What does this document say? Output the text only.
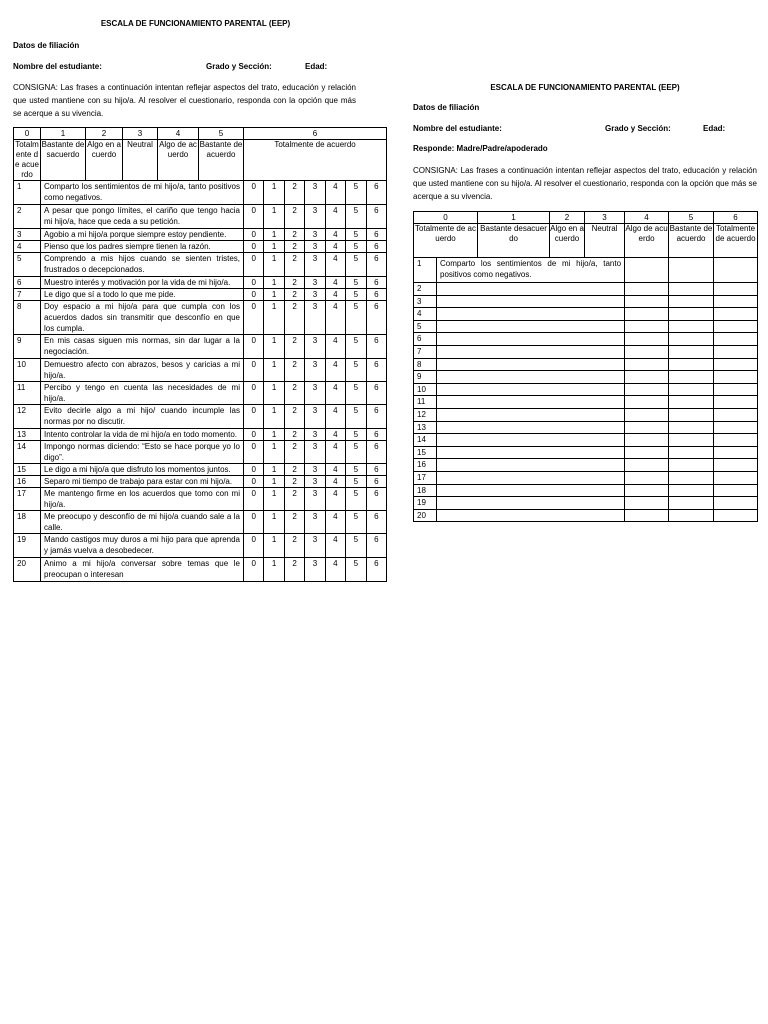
ESCALA DE FUNCIONAMIENTO PARENTAL (EEP)
Datos de filiación
Nombre del estudiante:	Grado y Sección:	Edad:
CONSIGNA: Las frases a continuación intentan reflejar aspectos del trato, educación y relación que usted mantiene con su hijo/a. Al resolver el cuestionario, responda con la opción que más se acerque a su vivencia.
0	1	2	3	4	5	6						
Totalmente de acuerdo	Bastante desacuerdo	Algo en acuerdo	Neutral	Algo de acuerdo	Bastante de acuerdo	Totalmente de acuerdo						
1	Comparto los sentimientos de mi hijo/a, tanto positivos como negativos.					0	1	2	3	4	5	6
2	A pesar que pongo límites, el cariño que tengo hacia mi hijo/a, hace que ceda a su petición.					0	1	2	3	4	5	6
3	Agobio a mi hijo/a porque siempre estoy pendiente.					0	1	2	3	4	5	6
4	Pienso que los padres siempre tienen la razón.					0	1	2	3	4	5	6
5	Comprendo a mis hijos cuando se sienten tristes, frustrados o decepcionados.					0	1	2	3	4	5	6
6	Muestro interés y motivación por la vida de mi hijo/a.					0	1	2	3	4	5	6
7	Le digo que sí a todo lo que me pide.					0	1	2	3	4	5	6
8	Doy espacio a mi hijo/a para que cumpla con los acuerdos dados sin transmitir que desconfío en que los cumpla.					0	1	2	3	4	5	6
9	En mis casas siguen mis normas, sin dar lugar a la negociación.					0	1	2	3	4	5	6
10	Demuestro afecto con abrazos, besos y caricias a mi hijo/a.					0	1	2	3	4	5	6
11	Percibo y tengo en cuenta las necesidades de mi hijo/a.					0	1	2	3	4	5	6
12	Evito decirle algo a mi hijo/ cuando incumple las normas por no discutir.					0	1	2	3	4	5	6
13	Intento controlar la vida de mi hijo/a en todo momento.					0	1	2	3	4	5	6
14	Impongo normas diciendo: “Esto se hace porque yo lo digo”.					0	1	2	3	4	5	6
15	Le digo a mi hijo/a que disfruto los momentos juntos.					0	1	2	3	4	5	6
16	Separo mi tiempo de trabajo para estar con mi hijo/a.					0	1	2	3	4	5	6
17	Me mantengo firme en los acuerdos que tomo con mi hijo/a.					0	1	2	3	4	5	6
18	Me preocupo y desconfío de mi hijo/a cuando sale a la calle.					0	1	2	3	4	5	6
19	Mando castigos muy duros a mi hijo para que aprenda y jamás vuelva a desobedecer.					0	1	2	3	4	5	6
20	Animo a mi hijo/a conversar sobre temas que le preocupan o interesan					0	1	2	3	4	5	6
ESCALA DE FUNCIONAMIENTO PARENTAL (EEP)
Datos de filiación
Nombre del estudiante:	Grado y Sección:	Edad:
Responde: Madre/Padre/apoderado
CONSIGNA: Las frases a continuación intentan reflejar aspectos del trato, educación y relación que usted mantiene con su hijo/a. Al resolver el cuestionario, responda con la opción que más se acerque a su vivencia.
0		1	2	3	4	5	6
Totalmente de acuerdo		Bastante desacuerdo	Algo en acuerdo	Neutral	Algo de acuerdo	Bastante de acuerdo	Totalmente de acuerdo
1	Comparto los sentimientos de mi hijo/a, tanto positivos como negativos.						
2							
3							
4							
5							
6							
7							
8							
9							
10							
11							
12							
13							
14							
15							
16							
17							
18							
19							
20							
